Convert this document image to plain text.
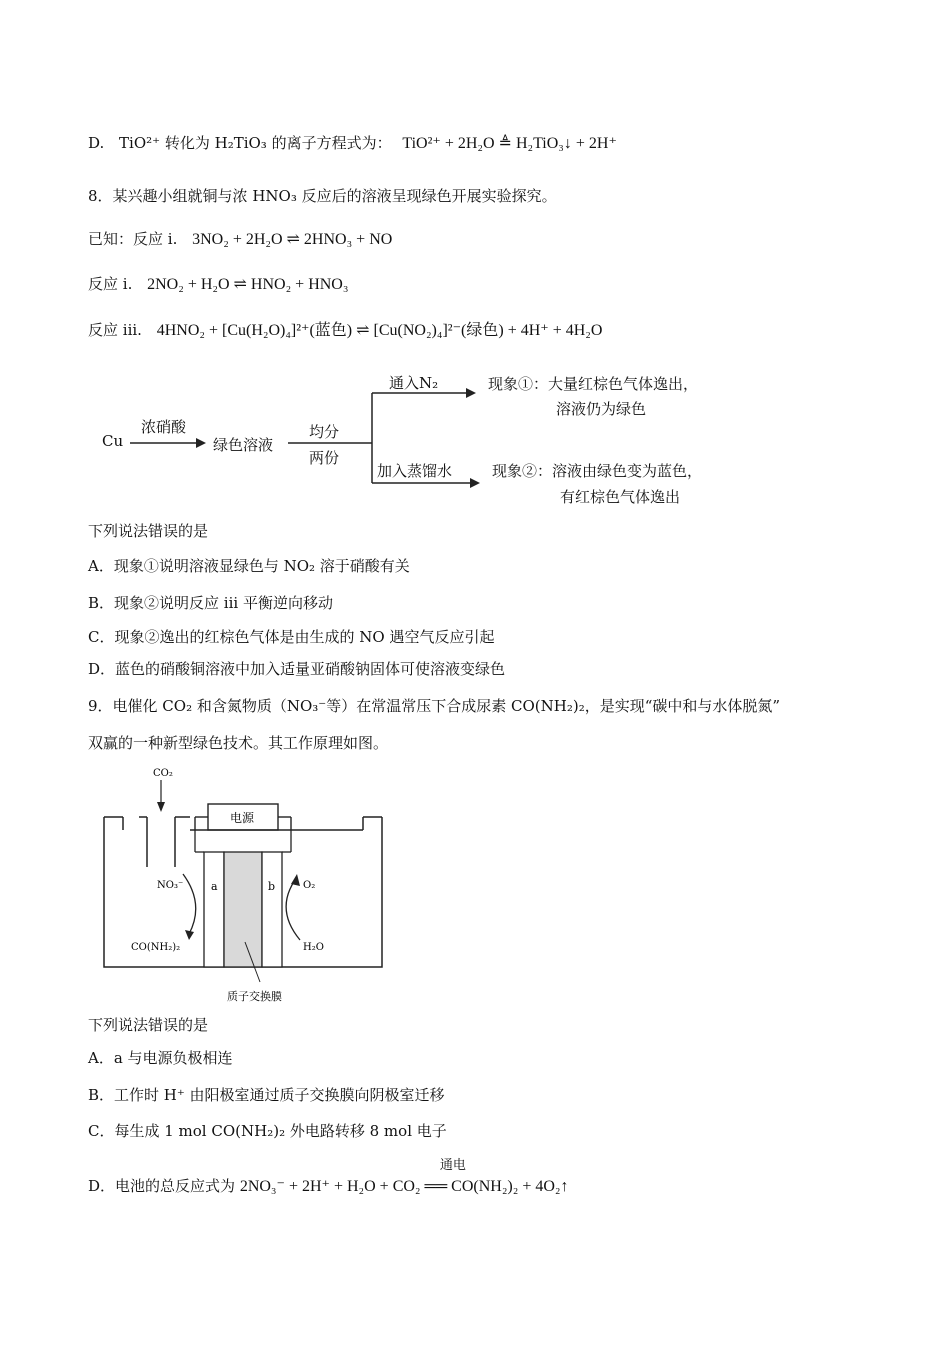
D. TiO²⁺ 转化为 H₂TiO₃ 的离子方程式为： TiO²⁺ + 2H₂O ≜ H₂TiO₃↓ + 2H⁺
8．某兴趣小组就铜与浓 HNO₃ 反应后的溶液呈现绿色开展实验探究。
已知：反应 i. 3NO₂ + 2H₂O ⇌ 2HNO₃ + NO
反应 i. 2NO₂ + H₂O ⇌ HNO₂ + HNO₃
反应 iii. 4HNO₂ + [Cu(H₂O)₄]²⁺(蓝色) ⇌ [Cu(NO₂)₄]²⁻(绿色) + 4H⁺ + 4H₂O
Cu
浓硝酸
绿色溶液
均分
两份
通入N₂
加入蒸馏水
现象①：大量红棕色气体逸出，
溶液仍为绿色
现象②：溶液由绿色变为蓝色，
有红棕色气体逸出
下列说法错误的是
A．现象①说明溶液显绿色与 NO₂ 溶于硝酸有关
B．现象②说明反应 iii 平衡逆向移动
C．现象②逸出的红棕色气体是由生成的 NO 遇空气反应引起
D．蓝色的硝酸铜溶液中加入适量亚硝酸钠固体可使溶液变绿色
9．电催化 CO₂ 和含氮物质（NO₃⁻等）在常温常压下合成尿素 CO(NH₂)₂，是实现“碳中和与水体脱氮”
双赢的一种新型绿色技术。其工作原理如图。
CO₂
电源
a	b
NO₃⁻
CO(NH₂)₂
O₂
H₂O
质子交换膜
下列说法错误的是
A．a 与电源负极相连
B．工作时 H⁺ 由阳极室通过质子交换膜向阴极室迁移
C．每生成 1 mol CO(NH₂)₂ 外电路转移 8 mol 电子
D．电池的总反应式为 2NO₃⁻ + 2H⁺ + H₂O + CO₂ ══ CO(NH₂)₂ + 4O₂↑
通电
